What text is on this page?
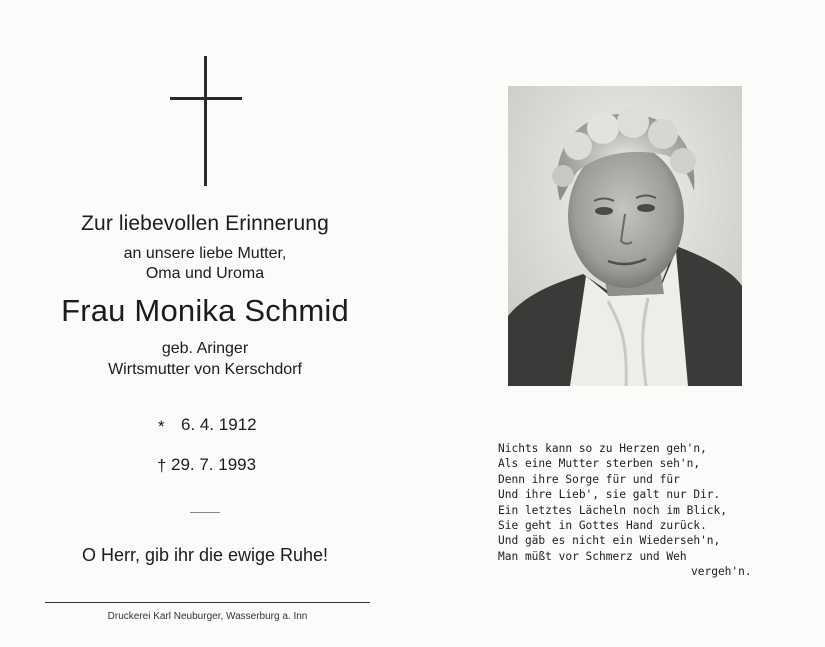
Zur liebevollen Erinnerung
an unsere liebe Mutter,
Oma und Uroma
Frau Monika Schmid
geb. Aringer
Wirtsmutter von Kerschdorf
* 6. 4. 1912
† 29. 7. 1993
O Herr, gib ihr die ewige Ruhe!
Druckerei Karl Neuburger, Wasserburg a. Inn
Nichts kann so zu Herzen geh'n,
Als eine Mutter sterben seh'n,
Denn ihre Sorge für und für
Und ihre Lieb', sie galt nur Dir.
Ein letztes Lächeln noch im Blick,
Sie geht in Gottes Hand zurück.
Und gäb es nicht ein Wiederseh'n,
Man müßt vor Schmerz und Weh
vergeh'n.
